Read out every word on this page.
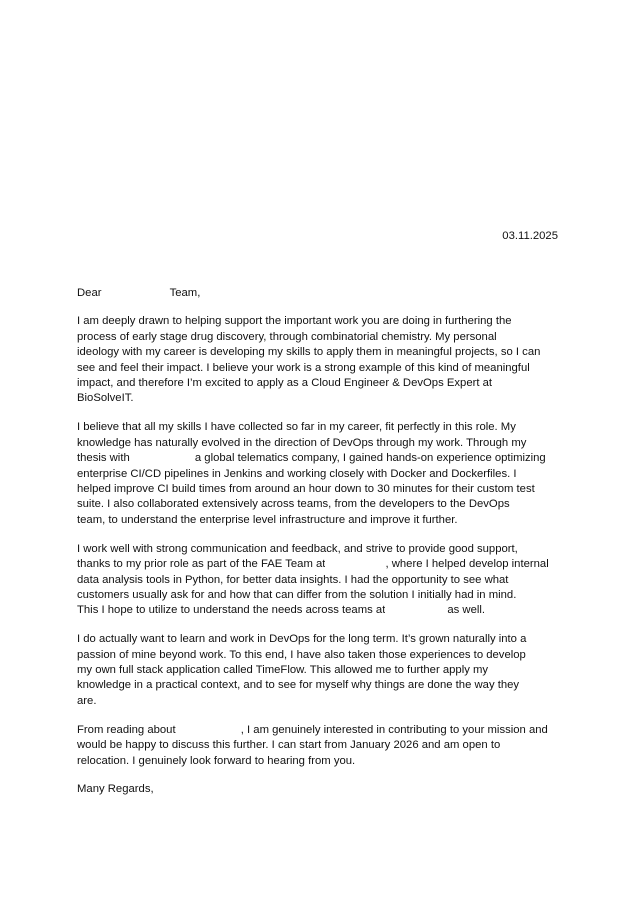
03.11.2025

Dear	Team,

I am deeply drawn to helping support the important work you are doing in furthering the
process of early stage drug discovery, through combinatorial chemistry. My personal
ideology with my career is developing my skills to apply them in meaningful projects, so I can
see and feel their impact. I believe your work is a strong example of this kind of meaningful
impact, and therefore I’m excited to apply as a Cloud Engineer & DevOps Expert at
BioSolveIT.

I believe that all my skills I have collected so far in my career, fit perfectly in this role. My
knowledge has naturally evolved in the direction of DevOps through my work. Through my
thesis with	a global telematics company, I gained hands-on experience optimizing
enterprise CI/CD pipelines in Jenkins and working closely with Docker and Dockerfiles. I
helped improve CI build times from around an hour down to 30 minutes for their custom test
suite. I also collaborated extensively across teams, from the developers to the DevOps
team, to understand the enterprise level infrastructure and improve it further.

I work well with strong communication and feedback, and strive to provide good support,
thanks to my prior role as part of the FAE Team at	, where I helped develop internal
data analysis tools in Python, for better data insights. I had the opportunity to see what
customers usually ask for and how that can differ from the solution I initially had in mind.
This I hope to utilize to understand the needs across teams at	as well.

I do actually want to learn and work in DevOps for the long term. It’s grown naturally into a
passion of mine beyond work. To this end, I have also taken those experiences to develop
my own full stack application called TimeFlow. This allowed me to further apply my
knowledge in a practical context, and to see for myself why things are done the way they
are.

From reading about	, I am genuinely interested in contributing to your mission and
would be happy to discuss this further. I can start from January 2026 and am open to
relocation. I genuinely look forward to hearing from you.

Many Regards,
